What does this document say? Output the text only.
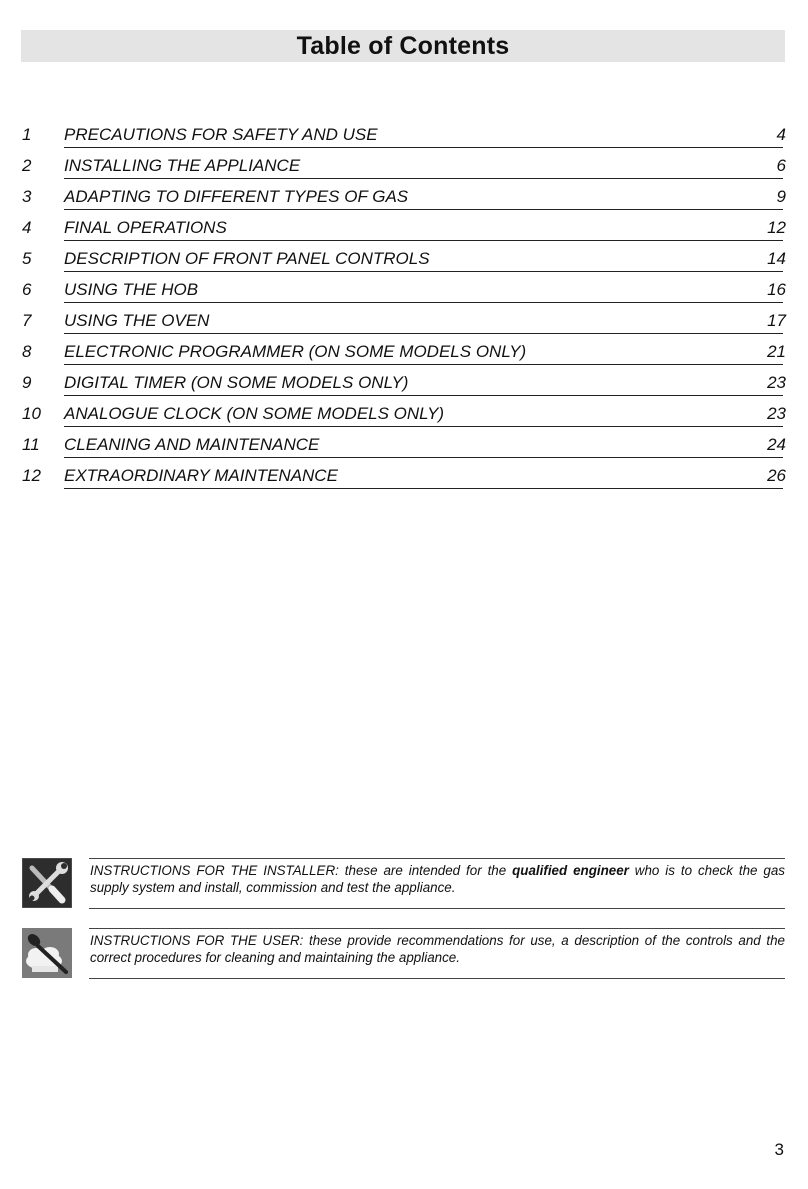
Table of Contents
1 PRECAUTIONS FOR SAFETY AND USE	4
2 INSTALLING THE APPLIANCE	6
3 ADAPTING TO DIFFERENT TYPES OF GAS	9
4 FINAL OPERATIONS	12
5 DESCRIPTION OF FRONT PANEL CONTROLS	14
6 USING THE HOB	16
7 USING THE OVEN	17
8 ELECTRONIC PROGRAMMER (ON SOME MODELS ONLY)	21
9 DIGITAL TIMER (ON SOME MODELS ONLY)	23
10 ANALOGUE CLOCK (ON SOME MODELS ONLY)	23
11 CLEANING AND MAINTENANCE	24
12 EXTRAORDINARY MAINTENANCE	26
INSTRUCTIONS FOR THE INSTALLER: these are intended for the qualified engineer who is to check the gas supply system and install, commission and test the appliance.
INSTRUCTIONS FOR THE USER: these provide recommendations for use, a description of the controls and the correct procedures for cleaning and maintaining the appliance.
3
